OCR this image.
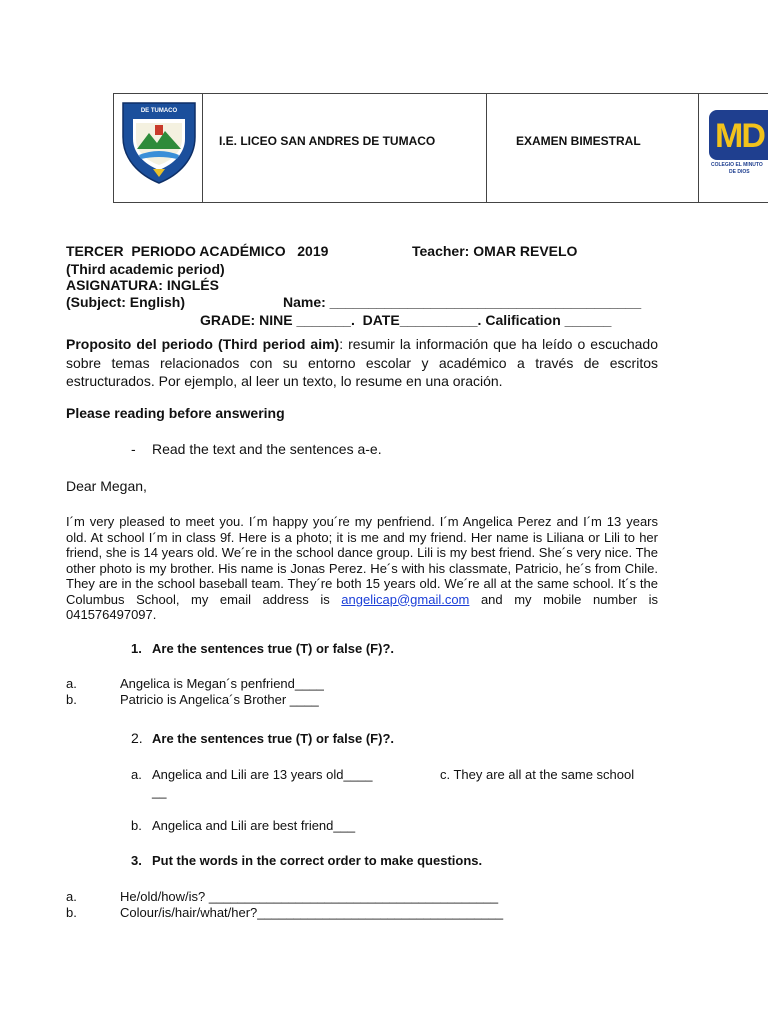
DE TUMACO
I.E. LICEO SAN ANDRES DE TUMACO	EXAMEN BIMESTRAL MD
COLEGIO EL MINUTO
DE DIOS
TERCER  PERIODO ACADÉMICO   2019	Teacher: OMAR REVELO
(Third academic period)
ASIGNATURA: INGLÉS
(Subject: English)	Name: ________________________________________
GRADE: NINE _______.  DATE__________. Calification ______
Proposito del periodo (Third period aim): resumir la información que ha leído o escuchado sobre temas relacionados con su entorno escolar y académico a través de escritos estructurados. Por ejemplo, al leer un texto, lo resume en una oración.
Please reading before answering
- Read the text and the sentences a-e.
Dear Megan,
I´m very pleased to meet you. I´m happy you´re my penfriend. I´m Angelica Perez and I´m 13 years old. At school I´m in class 9f. Here is a photo; it is me and my friend. Her name is Liliana or Lili to her friend, she is 14 years old. We´re in the school dance group. Lili is my best friend. She´s very nice. The other photo is my brother. His name is Jonas Perez. He´s with his classmate, Patricio, he´s from Chile. They are in the school baseball team. They´re both 15 years old. We´re all at the same school. It´s the Columbus School, my email address is angelicap@gmail.com and my mobile number is 041576497097.
1. Are the sentences true (T) or false (F)?.
a.	Angelica is Megan´s penfriend____
b.	Patricio is Angelica´s Brother ____
2. Are the sentences true (T) or false (F)?.
a. Angelica and Lili are 13 years old____	c. They are all at the same school
__
b. Angelica and Lili are best friend___
3. Put the words in the correct order to make questions.
a.	He/old/how/is? ________________________________________
b.	Colour/is/hair/what/her?__________________________________
